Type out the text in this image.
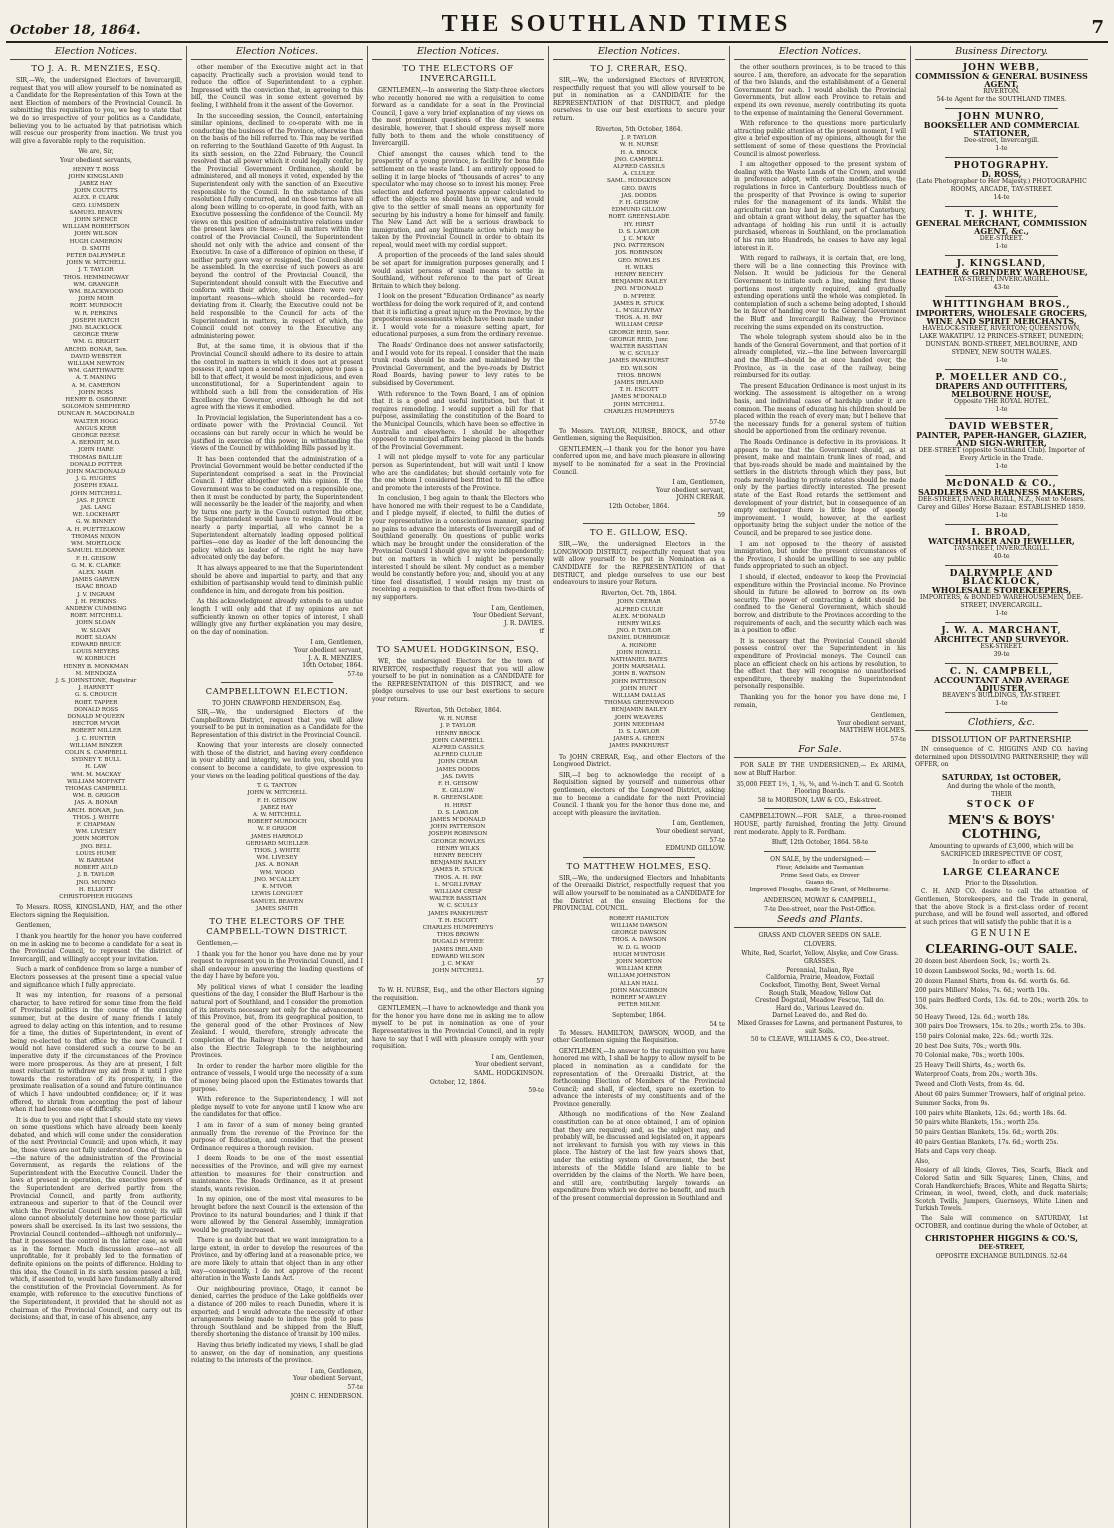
October 18, 1864.	THE SOUTHLAND TIMES	7
Election Notices.
TO J. A. R. MENZIES, ESQ.

SIR,—We, the undersigned Electors of Invercargill, request that you will allow yourself to be nominated as a Candidate for the Representation of this Town at the next Election of members of the Provincial Council. In submitting this requisition to you, we beg to state that we do so irrespective of your politics as a Candidate, believing you to be actuated by that patriotism which will rescue our prosperity from inaction. We trust you will give a favorable reply to the requisition.

We are, Sir,
Your obedient servants,
HENRY T. ROSS
JOHN KINGSLAND
JABEZ HAY
JOHN COUTTS
ALEX. P. CLARK
GEO. LUMSDEN
SAMUEL BEAVEN
JOHN SPENCE
WILLIAM ROBERTSON
JOHN WILSON
HUGH CAMERON
D. SMITH
PETER DALRYMPLE
JOHN W. MITCHELL
J. T. TAYLOR
THOS. HEMMINGWAY
WM. GRANGER
WM. BLACKWOOD
JOHN MOIR
ROBT. MURDOCH
W. R. PERKINS
JOSEPH HATCH
JNO. BLACKLOCK
GEORGE TREW
WM. G. BRIGHT
ARCHD. BONAR, Sen.
DAVID WEBSTER
WILLIAM NEWTON
WM. GARTHWAITE
A. T. MANING
A. M. CAMERON
JOHN ROSS
HENRY B. OSBORNE
SOLOMON SHEPHERD
DUNCAN R. MACDONALD
WALTER HOGG
ANGUS KERR
GEORGE REESE
A. BERNDT, M.D.
JOHN HARE
THOMAS BAILLIE
DONALD POTTER
JOHN MACDONALD
J. G. HUGHES
JOSEPH EXALL
JOHN MITCHELL
JAS. P. JOYCE
JAS. LANG
WE. LOCKHART
G. W. BINNEY
A. H. PUETTELKOW
THOMAS NIXON
WM. MORTLOCK
SAMUEL ELDORNE
F. H. GEISOW
G. M. K. CLARKE
ALEX. MAIR
JAMES GARVEN
ISAAC BROAD
J. V. INGRAM
J. H. PERKINS
ANDREW CUMMING
ROBT. MITCHELL
JOHN SLOAN
W. SLOAN
ROBT. SLOAN
EDWARD BRUCE
LOUIS MEYERS
W. KORBUCH
HENRY B. MONKMAN
M. MENDOZA
J. S. JOHNSTONE, Registrar
J. HARNETT
G. S. CROUCH
ROBT. TAPPER
DONALD ROSS
DONALD M'QUEEN
HECTOR M'VOR
ROBERT MILLER
J. C. HUNTER
WILLIAM BINZER
COLIN S. CAMPBELL
SYDNEY T. BULL
H. LAW
WM. M. MACKAY
WILLIAM MOFFATT
THOMAS CAMPBELL
WM. B. GRIGOR
JAS. A. BONAR
ARCH. BONAR, Jun.
THOS. J. WHITE
F. CHAPMAN
WM. LIVESEY
JOHN MORTON
JNO. BELL
LOUIS HUME
W. BARHAM
ROBERT AULD
J. B. TAYLOR
JNO. MUNRO
H. ELLIOTT
CHRISTOPHER HIGGINS

To Messrs. ROSS, KINGSLAND, HAY, and the other Electors signing the Requisition.

Gentlemen,

I thank you heartily for the honor you have conferred on me in asking me to become a candidate for a seat in the Provincial Council, to represent the district of Invercargill, and willingly accept your invitation.

Such a mark of confidence from so large a number of Electors possesses at the present time a special value and significance which I fully appreciate.

It was my intention, for reasons of a personal character, to have retired for some time from the field of Provincial politics in the course of the ensuing summer, but at the desire of many friends I lately agreed to delay acting on this intention, and to resume for a time, the duties of Superintendent, in event of being re-elected to that office by the new Council. I would not have considered such a course to be an imperative duty if the circumstances of the Province were more prosperous. As they are at present, I felt most reluctant to withdraw my aid from it until I give towards the restoration of its prosperity, in the proximate realisation of a sound and future continuance of which I have undoubted confidence; or, if it was offered, to shrink from accepting the post of labour when it had become one of difficulty.

It is due to you and right that I should state my views on some questions which have already been keenly debated, and which will come under the consideration of the next Provincial Council; and upon which, it may be, those views are not fully understood. One of those is—the nature of the administration of the Provincial Government, as regards the relations of the Superintendent with the Executive Council. Under the laws at present in operation, the executive powers of the Superintendent are derived partly from the Provincial Council, and partly from authority, extraneous and superior to that of the Council over which the Provincial Council have no control; its will alone cannot absolutely determine how those particular powers shall be exercised. In its last two sessions, the Provincial Council contended—although not uniformly—that it possessed the control in the latter case, as well as in the former. Much discussion arose—not all unprofitable, for it probably led to the formation of definite opinions on the points of difference. Holding to this idea, the Council in its sixth session passed a bill, which, if assented to, would have fundamentally altered the constitution of the Provincial Government. As for example, with reference to the executive functions of the Superintendent, it provided that he should not as chairman of the Provincial Council, and carry out its decisions; and that, in case of his absence, any

Election Notices.

other member of the Executive might act in that capacity. Practically such a provision would tend to reduce the office of Superintendent to a cypher. Impressed with the conviction that, in agreeing to this bill, the Council was in some extent governed by feeling, I withheld from it the assent of the Governor.

In the succeeding session, the Council, entertaining similar opinions, declined to co-operate with me in conducting the business of the Province, otherwise than on the basis of the bill referred to. This may be verified on referring to the Southland Gazette of 9th August. In its sixth session, on the 22nd February, the Council resolved that all power which it could legally confer, by the Provincial Government Ordinance, should be administered, and all moneys it voted, expended by the Superintendent only with the sanction of an Executive responsible to the Council. In the substance of this resolution I fully concurred, and on those terms have all along been willing to co-operate, in good faith, with an Executive possessing the confidence of the Council. My views on this position of administrative relations under the present laws are these:—In all matters within the control of the Provincial Council, the Superintendent should not only with the advice and consent of the Executive. In case of a difference of opinion on these, if neither party gave way or resigned, the Council should be assembled. In the exercise of such powers as are beyond the control of the Provincial Council, the Superintendent should consult with the Executive and conform with their advice, unless there were very important reasons—which should be recorded—for deviating from it. Clearly, the Executive could not be held responsible to the Council for acts of the Superintendent in matters, in respect of which, the Council could not convey to the Executive any administering power.

But, at the same time, it is obvious that if the Provincial Council should adhere to its desire to attain the control in matters in which it does not at present possess it, and upon a second occasion, agree to pass a bill to that effect, it would be most injudicious, and even unconstitutional, for a Superintendent again to withhold such a bill from the consideration of His Excellency the Governor, even although he did not agree with the views it embodied.

In Provincial legislation, the Superintendent has a co-ordinate power with the Provincial Council. Yet occasions can but rarely occur in which he would be justified in exercise of this power, in withstanding the views of the Council by withholding Bills passed by it.

It has been contended that the administration of a Provincial Government would be better conducted if the Superintendent comprised a seat in the Provincial Council. I differ altogether with this opinion. If the Government was to be conducted on a responsible one, then it must be conducted by party, the Superintendent will necessarily be the leader of the majority, and when by turns one party in the Council outvoted the other, the Superintendent would have to resign. Would it be nearly a party impartial, all who cannot be a Superintendent alternately leading opposed political parties—one day as leader of the left denouncing the policy which as leader of the right he may have advocated only the day before.

It has always appeared to me that the Superintendent should be above and impartial to party, and that any exhibition of partisanship would tend to diminish public confidence in him, and derogate from his position.

As this acknowledgment already extends to an undue length I will only add that if my opinions are not sufficiently known on other topics of interest, I shall willingly give any further explanation you may desire, on the day of nomination.

I am, Gentlemen,
Your obedient servant,
J. A. R. MENZIES.
10th October, 1864.
57-te
CAMPBELLTOWN ELECTION.
TO JOHN CRAWFORD HENDERSON, Esq.

SIR,—We, the undersigned Electors of the Campbelltown District, request that you will allow yourself to be put in nomination as a Candidate for the Representation of this district in the Provincial Council.

Knowing that your interests are closely connected with those of the district, and having every confidence in your ability and integrity, we invite you, should you consent to become a candidate, to give expression to your views on the leading political questions of the day.

T. G. TANTON
JOHN W. MITCHELL
F. H. GEISOW
JABEZ HAY
A. W. MITCHELL
ROBERT MURDOCH
W. P. GRIGOR
JAMES HARROLD
GERHARD MUELLER
THOS. J. WHITE
WM. LIVESEY
JAS. A. BONAR
WM. WOOD
JNO. M'CALLEY
K. M'IVOR
LEWIS LONGUET
SAMUEL BEAVEN
JAMES SMITH
TO THE ELECTORS OF THE CAMPBELL-TOWN DISTRICT.

Gentlemen,—

I thank you for the honor you have done me by your request to represent you in the Provincial Council, and I shall endeavour in answering the leading questions of the day I have by before you.

My political views of what I consider the leading questions of the day, I consider the Bluff Harbour is the natural port of Southland, and I consider the promotion of its interests necessary not only for the advancement of this Province, but, from its geographical position, to the general good of the other Provinces of New Zealand. I would, therefore, strongly advocate the completion of the Railway thence to the interior, and also the Electric Telegraph to the neighbouring Provinces.

In order to render the harbor more eligible for the entrance of vessels, I would urge the necessity of a sum of money being placed upon the Estimates towards that purpose.

With reference to the Superintendency, I will not pledge myself to vote for anyone until I know who are the candidates for that office.

I am in favor of a sum of money being granted annually from the revenue of the Province for the purpose of Education, and consider that the present Ordinance requires a thorough revision.

I deem Roads to be one of the most essential necessities of the Province, and will give my earnest attention to measures for their construction and maintenance. The Roads Ordinance, as it at present stands, wants revision.

In my opinion, one of the most vital measures to be brought before the next Council is the extension of the Province to its natural boundaries; and I think if that were allowed by the General Assembly, immigration would be greatly increased.

There is no doubt but that we want immigration to a large extent, in order to develop the resources of the Province, and by offering land at a reasonable price, we are more likely to attain that object than in any other way—consequently, I do not approve of the recent alteration in the Waste Lands Act.

Our neighbouring province, Otago, it cannot be denied, carries the produce of the Lake goldfields over a distance of 200 miles to reach Dunedin, where it is exported; and I would advocate the necessity of other arrangements being made to induce the gold to pass through Southland and be shipped from the Bluff, thereby shortening the distance of transit by 100 miles.

Having thus briefly indicated my views, I shall be glad to answer, on the day of nomination, any questions relating to the interests of the province.

I am, Gentlemen,
Your obedient Servant,
57-te
JOHN C. HENDERSON.
Election Notices.
TO THE ELECTORS OF INVERCARGILL

GENTLEMEN,—In answering the Sixty-three electors who recently honored me with a requisition to come forward as a candidate for a seat in the Provincial Council, I gave a very brief explanation of my views on the most prominent questions of the day. It seems desirable, however, that I should express myself more fully both to them and the whole constituency of Invercargill.

Chief amongst the causes which tend to the prosperity of a young province, is facility for bona fide settlement on the waste land. I am entirely opposed to selling it in large blocks of "thousands of acres" to any speculator who may choose so to invest his money. Free selection and deferred payments appear calculated to effect the objects we should have in view, and would give to the settler of small means an opportunity for securing by his industry a home for himself and family. The New Land Act will be a serious drawback to immigration, and any legitimate action which may be taken by the Provincial Council in order to obtain its repeal, would meet with my cordial support.

A proportion of the proceeds of the land sales should be set apart for immigration purposes generally, and I would assist persons of small means to settle in Southland, without reference to the part of Great Britain to which they belong.

I look on the present "Education Ordinance" as nearly worthless for doing the work required of it, and contend that it is inflicting a great injury on the Province, by the preposterous assessments which have been made under it. I would vote for a measure setting apart, for educational purposes, a sum from the ordinary revenue.

The Roads' Ordinance does not answer satisfactorily, and I would vote for its repeal. I consider that the main trunk roads should be made and maintained by the Provincial Government, and the bye-roads by District Road Boards, having power to levy rates to be subsidised by Government.

With reference to the Town Board, I am of opinion that it is a good and useful institution, but that it requires remodeling. I would support a bill for that purpose, assimilating the constitution of the Board to the Municipal Councils, which have been so effective in Australia and elsewhere. I should be altogether opposed to municipal affairs being placed in the hands of the Provincial Government.

I will not pledge myself to vote for any particular person as Superintendent, but will wait until I know who are the candidates; but should certainly vote for the one whom I considered best fitted to fill the office and promote the interests of the Province.

In conclusion, I beg again to thank the Electors who have honored me with their request to be a Candidate, and I pledge myself, if elected, to fulfil the duties of your representative in a conscientious manner, sparing no pains to advance the interests of Invercargill and of Southland generally. On questions of public works which may be brought under the consideration of the Provincial Council I should give my vote independently; but on matters in which I might be personally interested I should be silent. My conduct as a member would be constantly before you; and, should you at any time feel dissatisfied, I would resign my trust on receiving a requisition to that effect from two-thirds of my supporters.

I am, Gentlemen,
Your Obedient Servant,
J. R. DAVIES.
tf
TO SAMUEL HODGKINSON, ESQ.

WE, the undersigned Electors for the town of RIVERTON, respectfully request that you will allow yourself to be put in nomination as a CANDIDATE for the REPRESENTATION of this DISTRICT, and we pledge ourselves to use our best exertions to secure your return.

Riverton, 5th October, 1864.
W. H. NURSE
J. P. TAYLOR
HENRY BROCK
JOHN CAMPBELL
ALFRED CASSILS
ALFRED CLULIE
JOHN CREAR
JAMES DODDS
JAS. DAVIS
F. H. GEISOW
E. GILLOW
R. GREENSLADE
H. HIRST
D. S. LAWLOR
JAMES M'DONALD
JOHN PATTERSON
JOSEPH ROBINSON
GEORGE ROWLES
HENRY WILKS
HENRY BEECHY
BENJAMIN BAILEY
JAMES R. STUCK
THOS. A. H. PAY
L. M'GILLIVRAY
WILLIAM CRISP
WALTER BASSTIAN
W. C. SCULLY
JAMES PANKHURST
T. H. ESCOTT
CHARLES HUMPHREYS
THOS BROWN
DUGALD M'PHEE
JAMES IRELAND
EDWARD WILSON
J. C. M'KAY
JOHN MITCHELL
57

To W. H. NURSE, Esq., and the other Electors signing the requisition.

GENTLEMEN,—I have to acknowledge and thank you for the honor you have done me in asking me to allow myself to be put in nomination as one of your Representatives in the Provincial Council, and in reply have to say that I will with pleasure comply with your requisition.

I am, Gentlemen,
Your obedient servant,
SAML. HODGKINSON.
October, 12, 1864.
59-te
Election Notices.
TO J. CRERAR, ESQ.

SIR,—We, the undersigned Electors of RIVERTON, respectfully request that you will allow yourself to be put in nomination as a CANDIDATE for the REPRESENTATION of that DISTRICT, and pledge ourselves to use our best exertions to secure your return.

Riverton, 5th October, 1864.
J. P. TAYLOR
W. H. NURSE
H. A. BROCK
JNO. CAMPBELL
ALFRED CASSILS
A. CLULEE
SAML. HODGKINSON
GEO. DAVIS
JAS. DODDS
F. H. GEISOW
EDMUND GILLOW
ROBT. GREENSLADE
HY. HIRST
D. S. LAWLOR
J. C. M'KAY
JNO. PATTERSON
JOS. ROBINSON
GEO. ROWLES
H. WILKS
HENRY BEECHY
BENJAMIN BAILEY
JNO. M'DONALD
D. M'PHEE
JAMES R. STUCK
L. M'GILLIVRAY
THOS. A. H. PAY
WILLIAM CRISP
GEORGE REID, Senr.
GEORGE REID, Junr.
WALTER BASSTIAN
W. C. SCULLY
JAMES PANKHURST
ED. WILSON
THOS. BROWN
JAMES IRELAND
T. H. ESCOTT
JAMES M'DONALD
JOHN MITCHELL
CHARLES HUMPHREYS
57-te

To Messrs. TAYLOR, NURSE, BROCK, and other Gentlemen, signing the Requisition.

GENTLEMEN,—I thank you for the honor you have conferred upon me, and have much pleasure in allowing myself to be nominated for a seat in the Provincial Council.

I am, Gentlemen,
Your obedient servant,
JOHN CRERAR.
12th October, 1864.
59
TO E. GILLOW, ESQ.

SIR,—We, the undersigned Electors in the LONGWOOD DISTRICT, respectfully request that you will allow yourself to be put in Nomination as a CANDIDATE for the REPRESENTATION of that DISTRICT, and pledge ourselves to use our best endeavours to insure your Return.

Riverton, Oct. 7th, 1864.
JOHN CRERAR
ALFRED CLULIE
ALEX. M'DONALD
HENRY WILKS
JNO. P. TAYLOR
DANIEL DURBRIDGE
A. HONORE
JOHN HOWELL
NATHANIEL BATES
JOHN MARSHALL
JOHN B. WATSON
JOHN PATTERSON
JOHN HUNT
WILLIAM DALLAS
THOMAS GREENWOOD
BENJAMIN BAILEY
JOHN WEAVERS
JOHN NEEDHAM
D. S. LAWLOR
JAMES A. GREEN
JAMES PANKHURST

To JOHN CRERAR, Esq., and other Electors of the Longwood District.

SIR,—I beg to acknowledge the receipt of a Requisition signed by yourself and numerous other gentlemen, electors of the Longwood District, asking me to become a candidate for the next Provincial Council. I thank you for the honor thus done me, and accept with pleasure the invitation.

I am, Gentlemen,
Your obedient servant,
57-te
EDMUND GILLOW.
TO MATTHEW HOLMES, ESQ.

SIR,—We, the undersigned Electors and Inhabitants of the Oreraaiki District, respectfully request that you will allow yourself to be nominated as a CANDIDATE for the District at the ensuing Elections for the PROVINCIAL COUNCIL.

ROBERT HAMILTON
WILLIAM DAWSON
GEORGE DAWSON
THOS. A. DAWSON
W. D. G. WOOD
HUGH M'INTOSH
JOHN MORTON
WILLIAM KERR
WILLIAM JOHNSTON
ALLAN HALL
JOHN MACGIBBON
ROBERT M'AWLEY
PETER MILNE
September, 1864.
54 te

To Messrs. HAMILTON, DAWSON, WOOD, and the other Gentlemen signing the Requisition.

GENTLEMEN,—In answer to the requisition you have honored me with, I shall be happy to allow myself to be placed in nomination as a candidate for the representation of the Oreraaiki District, at the forthcoming Election of Members of the Provincial Council; and shall, if elected, spare no exertion to advance the interests of my constituents and of the Province generally.

Although no modifications of the New Zealand constitution can be at once obtained, I am of opinion that they are required; and, as the subject may, and probably will, be discussed and legislated on, it appears not irrelevant to furnish you with my views in this place. The history of the last few years shows that, under the existing system of Government, the best interests of the Middle Island are liable to be overridden by the claims of the North. We have been, and still are, contributing largely towards an expenditure from which we derive no benefit, and much of the present commercial depression in Southland and

Election Notices.

the other southern provinces, is to be traced to this source. I am, therefore, an advocate for the separation of the two Islands, and the establishment of a General Government for each. I would abolish the Provincial Governments, but allow each Province to retain and expend its own revenue, merely contributing its quota to the expense of maintaining the General Government.

With reference to the questions more particularly attracting public attention at the present moment, I will give a brief exposition of my opinions, although for the settlement of some of these questions the Provincial Council is almost powerless.

I am altogether opposed to the present system of dealing with the Waste Lands of the Crown, and would in preference adopt, with certain modifications, the regulations in force in Canterbury. Doubtless much of the prosperity of that Province is owing to superior rules for the management of its lands. Whilst the agriculturist can buy land in any part of Canterbury, and obtain a grant without delay, the squatter has the advantage of holding his run until it is actually purchased, whereas in Southland, on the proclamation of his run into Hundreds, he ceases to have any legal interest in it.

With regard to railways, it is certain that, ere long, there will be a line connecting this Province with Nelson. It would be judicious for the General Government to initiate such a line, making first those portions most urgently required, and gradually extending operations until the whole was completed. In contemplation of such a scheme being adopted, I should be in favor of handing over to the General Government the Bluff and Invercargill Railway, the Province receiving the sums expended on its construction.

The whole telegraph system should also be in the hands of the General Government, and that portion of it already completed, viz.—the line between Invercargill and the Bluff—should be at once handed over, the Province, as in the case of the railway, being reimbursed for its outlay.

The present Education Ordinance is most unjust in its working. The assessment is altogether on a wrong basis, and individual cases of hardship under it are common. The means of educating his children should be placed within the reach of every man; but I believe that the necessary funds for a general system of tuition should be apportioned from the ordinary revenue.

The Roads Ordinance is defective in its provisions. It appears to me that the Government should, as at present, make and maintain trunk lines of road, and that bye-roads should be made and maintained by the settlers in the districts through which they pass, but roads merely leading to private estates should be made only by the parties directly interested. The present state of the East Road retards the settlement and development of your district, but in consequence of an empty exchequer there is little hope of speedy improvement. I would, however, at the earliest opportunity bring the subject under the notice of the Council, and be prepared to see justice done.

I am not opposed to the theory of assisted immigration, but under the present circumstances of the Province, I should be unwilling to see any public funds appropriated to such an object.

I should, if elected, endeavor to keep the Provincial expenditure within the Provincial income. No Province should in future be allowed to borrow on its own security. The power of contracting a debt should be confined to the General Government, which should borrow, and distribute to the Provinces according to the requirements of each, and the security which each was in a position to offer.

It is necessary that the Provincial Council should possess control over the Superintendent in his expenditure of Provincial moneys. The Council can place an efficient check on his actions by resolution, to the effect that they will recognise no unauthorised expenditure, thereby making the Superintendent personally responsible.

Thanking you for the honor you have done me, I remain,

Gentlemen,
Your obedient servant,
MATTHEW HOLMES.
57-te
For Sale.

FOR SALE BY THE UNDERSIGNED,— Ex ARIMA, now at Bluff Harbor.

35,000 FEET 1½, 1, ¾, ⅝, and ½-inch T. and G. Scotch Flooring Boards.
58 te MORISON, LAW & CO., Esk-street.

CAMPBELLTOWN.—FOR SALE, a three-roomed HOUSE, partly furnished, fronting the Jetty. Ground rent moderate. Apply to R. Fordham.

Bluff, 12th October, 1864. 58-te
ON SALE, by the undersigned:—
Flour, Adelaide and Tasmanian
Prime Seed Oats, ex Drover
Guano do.
Improved Ploughs, made by Grant, of Melbourne.
ANDERSON, MOWAT & CAMPBELL,
7-te Dee-street, near the Post-Office.
Seeds and Plants.
GRASS AND CLOVER SEEDS ON SALE.
CLOVERS.
White, Red, Scarlet, Yellow, Alsyke, and Cow Grass.
GRASSES.
Perennial, Italian, Rye
California, Prairie, Meadow, Foxtail
Cocksfoot, Timothy, Bent, Sweet Vernal
Rough Stalk, Meadow, Yellow Oat
Crested Dogstail, Meadow Fescue, Tall do.
Hard do., Various Leaved do.
Darnel Leaved do., and Red do.
Mixed Grasses for Lawns, and permanent Pastures, to suit Soils.
50 te CLEAVE, WILLIAMS & CO., Dee-street.
Business Directory.
JOHN WEBB,
COMMISSION & GENERAL BUSINESS AGENT,
RIVERTON.
54-te Agent for the SOUTHLAND TIMES.
JOHN MUNRO,
BOOKSELLER AND COMMERCIAL STATIONER,
Dee-street, Invercargill.
1-te
PHOTOGRAPHY.
D. ROSS,
(Late Photographer to Her Majesty.) PHOTOGRAPHIC ROOMS, ARCADE, TAY-STREET.
14-te
T. J. WHITE,
GENERAL MERCHANT, COMMISSION AGENT, &c.,
DEE-STREET.
1-te
J. KINGSLAND,
LEATHER & GRINDERY WAREHOUSE,
TAY-STREET, INVERCARGILL.
43-te
WHITTINGHAM BROS.,
IMPORTERS, WHOLESALE GROCERS, WINE AND SPIRIT MERCHANTS,
HAVELOCK-STREET, RIVERTON; QUEENSTOWN, LAKE WAKATIPU. 12 PRINCES-STREET, DUNEDIN; DUNSTAN. BOND-STREET, MELBOURNE, AND SYDNEY, NEW SOUTH WALES.
1-te
P. MOELLER AND CO.,
DRAPERS AND OUTFITTERS, MELBOURNE HOUSE,
Opposite THE ROYAL HOTEL.
1-te
DAVID WEBSTER,
PAINTER, PAPER-HANGER, GLAZIER, AND SIGN-WRITER,
DEE-STREET (opposite Southland Club). Importer of Every Article in the Trade.
1-te
McDONALD & CO.,
SADDLERS AND HARNESS MAKERS,
DEE-STREET, INVERCARGILL, N.Z., Next to Messrs. Carey and Gilles' Horse Bazaar. ESTABLISHED 1859.
1-te
I. BROAD,
WATCHMAKER AND JEWELLER,
TAY-STREET, INVERCARGILL.
40-te
DALRYMPLE AND BLACKLOCK,
WHOLESALE STOREKEEPERS,
IMPORTERS, & BONDED WAREHOUSEMEN, DEE-STREET, INVERCARGILL.
1-te
J. W. A. MARCHANT,
ARCHITECT AND SURVEYOR.
ESK-STREET.
39-te
C. N. CAMPBELL,
ACCOUNTANT AND AVERAGE ADJUSTER,
BEAVEN'S BUILDINGS, TAY-STREET.
1-te
Clothiers, &c.
DISSOLUTION OF PARTNERSHIP.

IN consequence of C. HIGGINS AND CO. having determined upon DISSOLVING PARTNERSHIP, they will OFFER, on

SATURDAY, 1st OCTOBER,
And during the whole of the month,
THEIR
STOCK OF
MEN'S & BOYS' CLOTHING,
Amounting to upwards of £3,000, which will be SACRIFICED IRRESPECTIVE OF COST,
In order to effect a
LARGE CLEARANCE
Prior to the Dissolution.

C. H. AND CO. desire to call the attention of Gentlemen, Storekeepers, and the Trade in general, that the above Stock is a first-class order of recent purchase, and will be found well assorted, and offered at such prices that will satisfy the public that it is a

GENUINE
CLEARING-OUT SALE.

20 dozen best Aberdeen Sock, 1s.; worth 2s.

10 dozen Lambswool Socks, 9d.; worth 1s. 6d.

20 dozen Flannel Shirts, from 4s. 6d. worth 6s. 6d.

200 pairs Millers' Moles, 7s. 6d.; worth 10s.

150 pairs Bedford Cords, 13s. 6d. to 20s.; worth 20s. to 30s.

50 Heavy Tweed, 12s. 6d.; worth 18s.

300 pairs Doe Trowsers, 15s. to 20s.; worth 25s. to 30s.

150 pairs Colonial make, 22s. 6d.; worth 32s.

20 best Doe Suits, 70s.; worth 90s.

70 Colonial make, 70s.; worth 100s.

25 Heavy Twill Shirts, 4s.; worth 6s.

Waterproof Coats, from 20s.; worth 30s.

Tweed and Cloth Vests, from 4s. 6d.

About 60 pairs Summer Trowsers, half of original price.

Summer Sacks, from 9s.

100 pairs white Blankets, 12s. 6d.; worth 18s. 6d.

50 pairs white Blankets, 15s.; worth 25s.

50 pairs Gentian Blankets, 15s. 6d.; worth 20s.

40 pairs Gentian Blankets, 17s. 6d.; worth 25s.

Hats and Caps very cheap.

Also,

Hosiery of all kinds, Gloves, Ties, Scarfs, Black and Colored Satin and Silk Squares; Linen, Chins, and Corah Handkerchiefs; Braces, White and Regatta Shirts; Crimean, in wool, tweed, cloth, and duck materials; Scotch Twills, Jumpers, Guernseys, White Linen and Turkish Towels.

The Sale will commence on SATURDAY, 1st OCTOBER, and continue during the whole of October, at

CHRISTOPHER HIGGINS & CO.'S,
DEE-STREET,
OPPOSITE EXCHANGE BUILDINGS. 52-64
